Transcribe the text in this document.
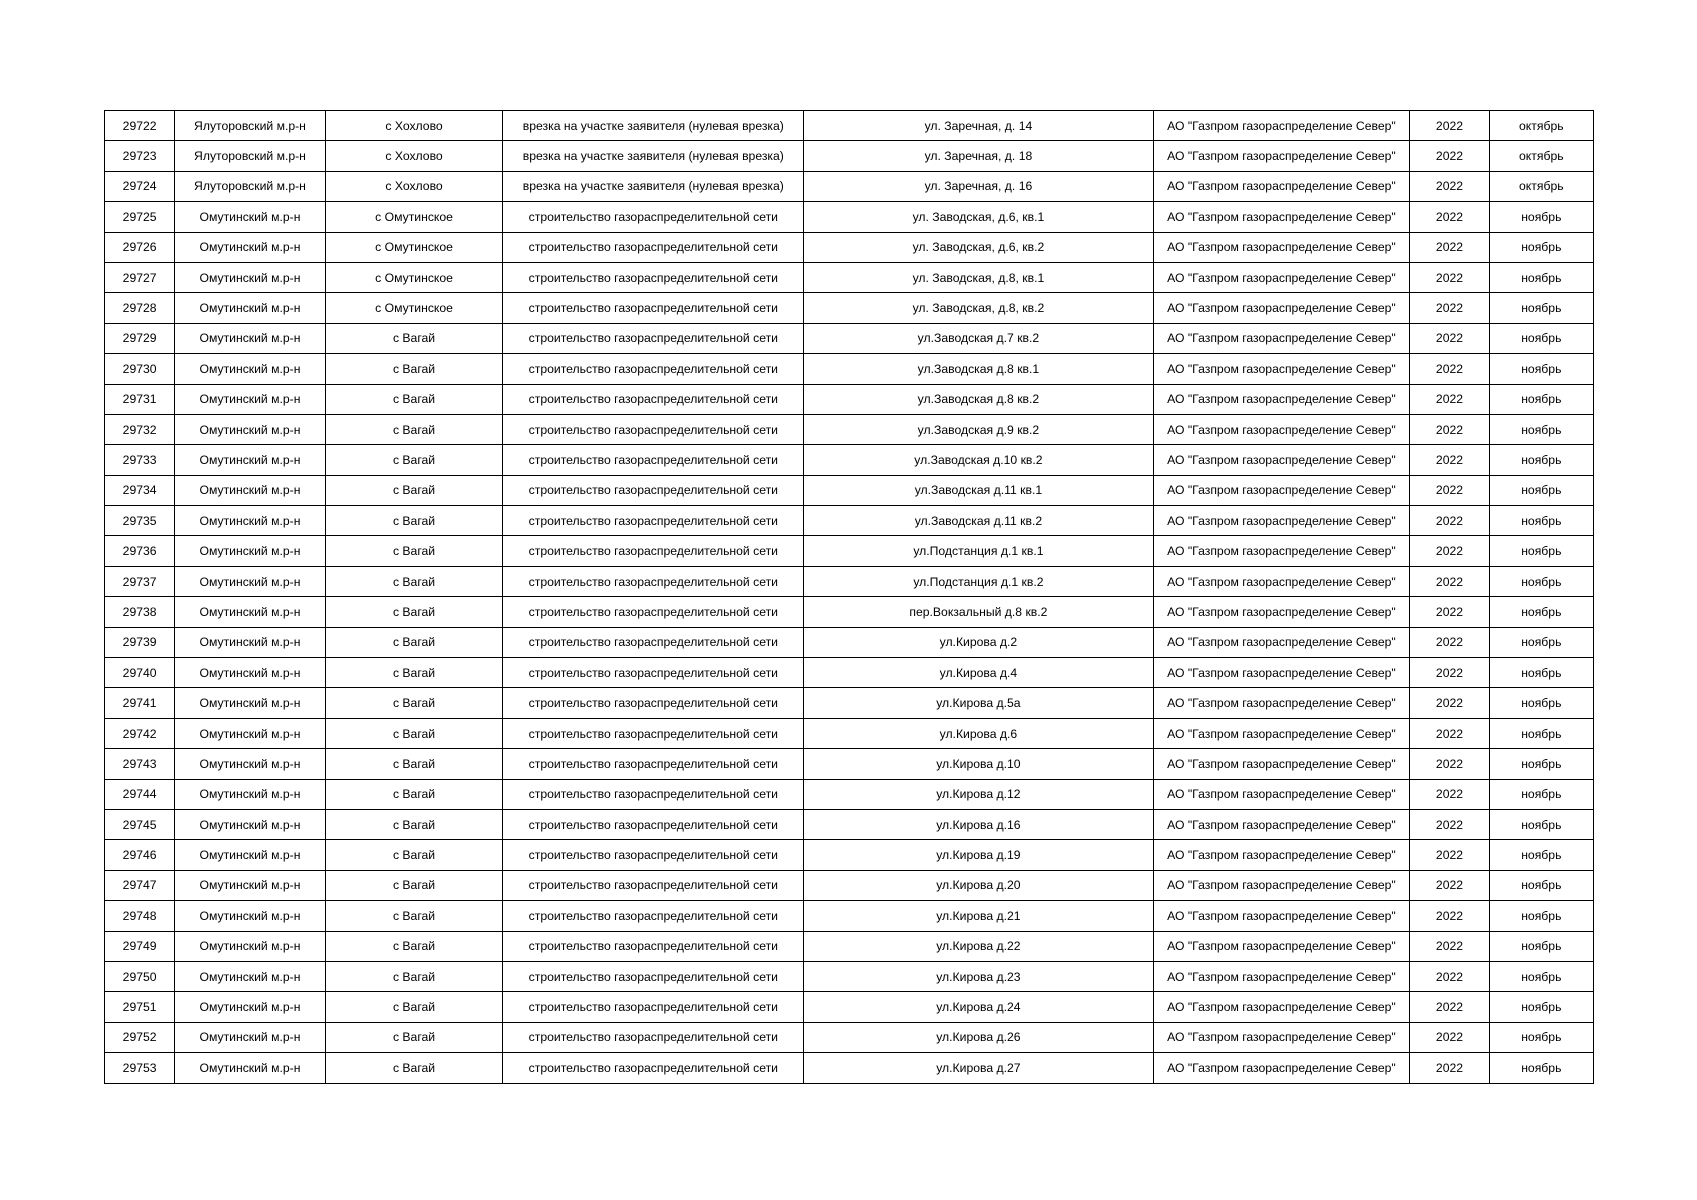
29722	Ялуторовский м.р-н	с Хохлово	врезка на участке заявителя (нулевая врезка)	ул. Заречная, д. 14	АО "Газпром газораспределение Север"	2022	октябрь
29723	Ялуторовский м.р-н	с Хохлово	врезка на участке заявителя (нулевая врезка)	ул. Заречная, д. 18	АО "Газпром газораспределение Север"	2022	октябрь
29724	Ялуторовский м.р-н	с Хохлово	врезка на участке заявителя (нулевая врезка)	ул. Заречная, д. 16	АО "Газпром газораспределение Север"	2022	октябрь
29725	Омутинский м.р-н	с Омутинское	строительство газораспределительной сети	ул. Заводская, д.6, кв.1	АО "Газпром газораспределение Север"	2022	ноябрь
29726	Омутинский м.р-н	с Омутинское	строительство газораспределительной сети	ул. Заводская, д.6, кв.2	АО "Газпром газораспределение Север"	2022	ноябрь
29727	Омутинский м.р-н	с Омутинское	строительство газораспределительной сети	ул. Заводская, д.8, кв.1	АО "Газпром газораспределение Север"	2022	ноябрь
29728	Омутинский м.р-н	с Омутинское	строительство газораспределительной сети	ул. Заводская, д.8, кв.2	АО "Газпром газораспределение Север"	2022	ноябрь
29729	Омутинский м.р-н	с Вагай	строительство газораспределительной сети	ул.Заводская д.7 кв.2	АО "Газпром газораспределение Север"	2022	ноябрь
29730	Омутинский м.р-н	с Вагай	строительство газораспределительной сети	ул.Заводская д.8 кв.1	АО "Газпром газораспределение Север"	2022	ноябрь
29731	Омутинский м.р-н	с Вагай	строительство газораспределительной сети	ул.Заводская д.8 кв.2	АО "Газпром газораспределение Север"	2022	ноябрь
29732	Омутинский м.р-н	с Вагай	строительство газораспределительной сети	ул.Заводская д.9 кв.2	АО "Газпром газораспределение Север"	2022	ноябрь
29733	Омутинский м.р-н	с Вагай	строительство газораспределительной сети	ул.Заводская д.10 кв.2	АО "Газпром газораспределение Север"	2022	ноябрь
29734	Омутинский м.р-н	с Вагай	строительство газораспределительной сети	ул.Заводская д.11 кв.1	АО "Газпром газораспределение Север"	2022	ноябрь
29735	Омутинский м.р-н	с Вагай	строительство газораспределительной сети	ул.Заводская д.11 кв.2	АО "Газпром газораспределение Север"	2022	ноябрь
29736	Омутинский м.р-н	с Вагай	строительство газораспределительной сети	ул.Подстанция д.1 кв.1	АО "Газпром газораспределение Север"	2022	ноябрь
29737	Омутинский м.р-н	с Вагай	строительство газораспределительной сети	ул.Подстанция д.1 кв.2	АО "Газпром газораспределение Север"	2022	ноябрь
29738	Омутинский м.р-н	с Вагай	строительство газораспределительной сети	пер.Вокзальный д.8 кв.2	АО "Газпром газораспределение Север"	2022	ноябрь
29739	Омутинский м.р-н	с Вагай	строительство газораспределительной сети	ул.Кирова д.2	АО "Газпром газораспределение Север"	2022	ноябрь
29740	Омутинский м.р-н	с Вагай	строительство газораспределительной сети	ул.Кирова д.4	АО "Газпром газораспределение Север"	2022	ноябрь
29741	Омутинский м.р-н	с Вагай	строительство газораспределительной сети	ул.Кирова д.5а	АО "Газпром газораспределение Север"	2022	ноябрь
29742	Омутинский м.р-н	с Вагай	строительство газораспределительной сети	ул.Кирова д.6	АО "Газпром газораспределение Север"	2022	ноябрь
29743	Омутинский м.р-н	с Вагай	строительство газораспределительной сети	ул.Кирова д.10	АО "Газпром газораспределение Север"	2022	ноябрь
29744	Омутинский м.р-н	с Вагай	строительство газораспределительной сети	ул.Кирова д.12	АО "Газпром газораспределение Север"	2022	ноябрь
29745	Омутинский м.р-н	с Вагай	строительство газораспределительной сети	ул.Кирова д.16	АО "Газпром газораспределение Север"	2022	ноябрь
29746	Омутинский м.р-н	с Вагай	строительство газораспределительной сети	ул.Кирова д.19	АО "Газпром газораспределение Север"	2022	ноябрь
29747	Омутинский м.р-н	с Вагай	строительство газораспределительной сети	ул.Кирова д.20	АО "Газпром газораспределение Север"	2022	ноябрь
29748	Омутинский м.р-н	с Вагай	строительство газораспределительной сети	ул.Кирова д.21	АО "Газпром газораспределение Север"	2022	ноябрь
29749	Омутинский м.р-н	с Вагай	строительство газораспределительной сети	ул.Кирова д.22	АО "Газпром газораспределение Север"	2022	ноябрь
29750	Омутинский м.р-н	с Вагай	строительство газораспределительной сети	ул.Кирова д.23	АО "Газпром газораспределение Север"	2022	ноябрь
29751	Омутинский м.р-н	с Вагай	строительство газораспределительной сети	ул.Кирова д.24	АО "Газпром газораспределение Север"	2022	ноябрь
29752	Омутинский м.р-н	с Вагай	строительство газораспределительной сети	ул.Кирова д.26	АО "Газпром газораспределение Север"	2022	ноябрь
29753	Омутинский м.р-н	с Вагай	строительство газораспределительной сети	ул.Кирова д.27	АО "Газпром газораспределение Север"	2022	ноябрь
